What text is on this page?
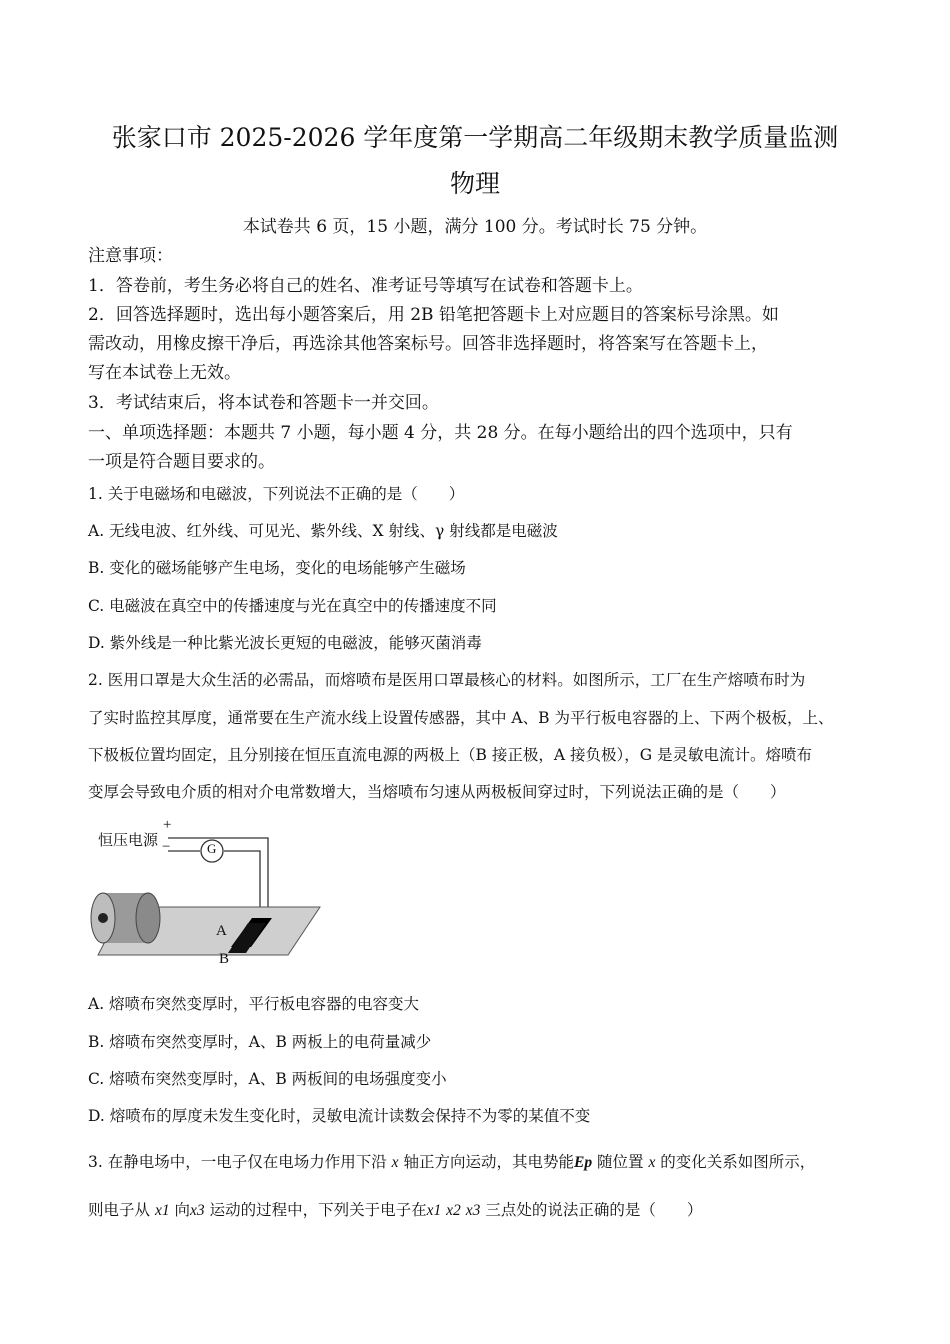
张家口市 2025-2026 学年度第一学期高二年级期末教学质量监测
物理
本试卷共 6 页，15 小题，满分 100 分。考试时长 75 分钟。
注意事项：
1．答卷前，考生务必将自己的姓名、准考证号等填写在试卷和答题卡上。
2．回答选择题时，选出每小题答案后，用 2B 铅笔把答题卡上对应题目的答案标号涂黑。如
需改动，用橡皮擦干净后，再选涂其他答案标号。回答非选择题时，将答案写在答题卡上，
写在本试卷上无效。
3．考试结束后，将本试卷和答题卡一并交回。
一、单项选择题：本题共 7 小题，每小题 4 分，共 28 分。在每小题给出的四个选项中，只有
一项是符合题目要求的。
1. 关于电磁场和电磁波，下列说法不正确的是（　　）
A. 无线电波、红外线、可见光、紫外线、X 射线、γ 射线都是电磁波
B. 变化的磁场能够产生电场，变化的电场能够产生磁场
C. 电磁波在真空中的传播速度与光在真空中的传播速度不同
D. 紫外线是一种比紫光波长更短的电磁波，能够灭菌消毒
2. 医用口罩是大众生活的必需品，而熔喷布是医用口罩最核心的材料。如图所示，工厂在生产熔喷布时为
了实时监控其厚度，通常要在生产流水线上设置传感器，其中 A、B 为平行板电容器的上、下两个极板，上、
下极板位置均固定，且分别接在恒压直流电源的两极上（B 接正极，A 接负极），G 是灵敏电流计。熔喷布
变厚会导致电介质的相对介电常数增大，当熔喷布匀速从两极板间穿过时，下列说法正确的是（　　）
恒压电源
+
−	G
A
B
A. 熔喷布突然变厚时，平行板电容器的电容变大
B. 熔喷布突然变厚时，A、B 两板上的电荷量减少
C. 熔喷布突然变厚时，A、B 两板间的电场强度变小
D. 熔喷布的厚度未发生变化时，灵敏电流计读数会保持不为零的某值不变
3. 在静电场中，一电子仅在电场力作用下沿 x 轴正方向运动，其电势能Ep 随位置 x 的变化关系如图所示，
则电子从 x1 向x3 运动的过程中，下列关于电子在x1 x2 x3 三点处的说法正确的是（　　）
